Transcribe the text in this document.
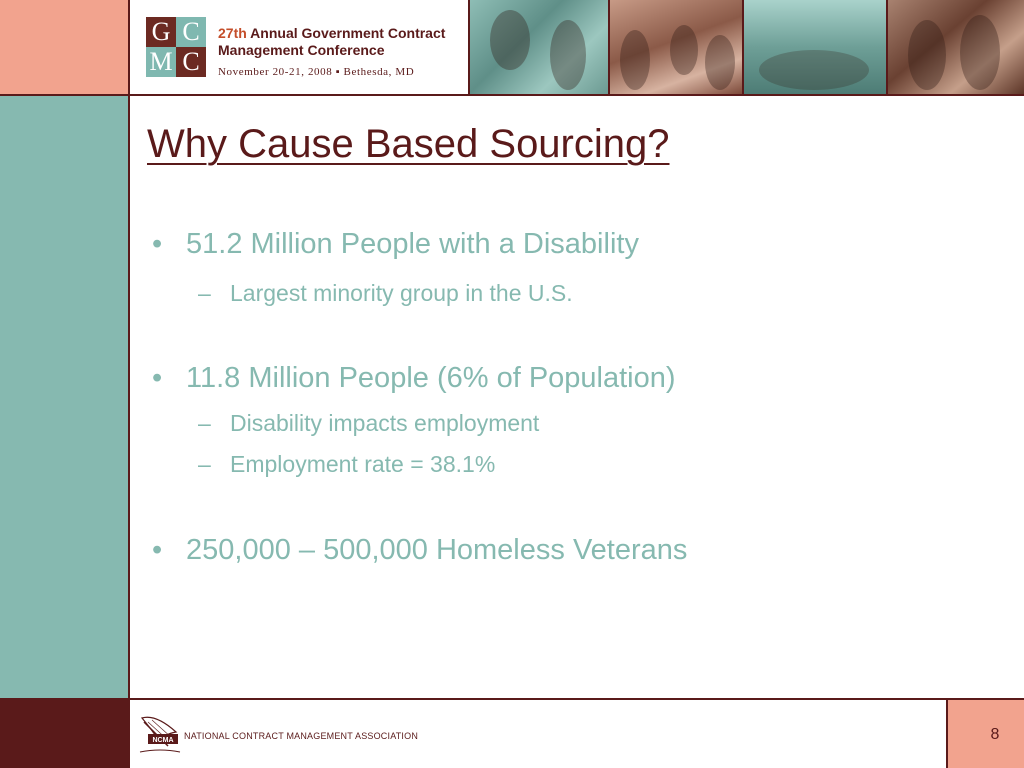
G C
M C
27th Annual Government Contract
Management Conference
November 20-21, 2008 ▪ Bethesda, MD
Why Cause Based Sourcing?
• 51.2 Million People with a Disability
– Largest minority group in the U.S.
• 11.8 Million People (6% of Population)
– Disability impacts employment
– Employment rate = 38.1%
• 250,000 – 500,000 Homeless Veterans
NCMA NATIONAL CONTRACT MANAGEMENT ASSOCIATION	8
